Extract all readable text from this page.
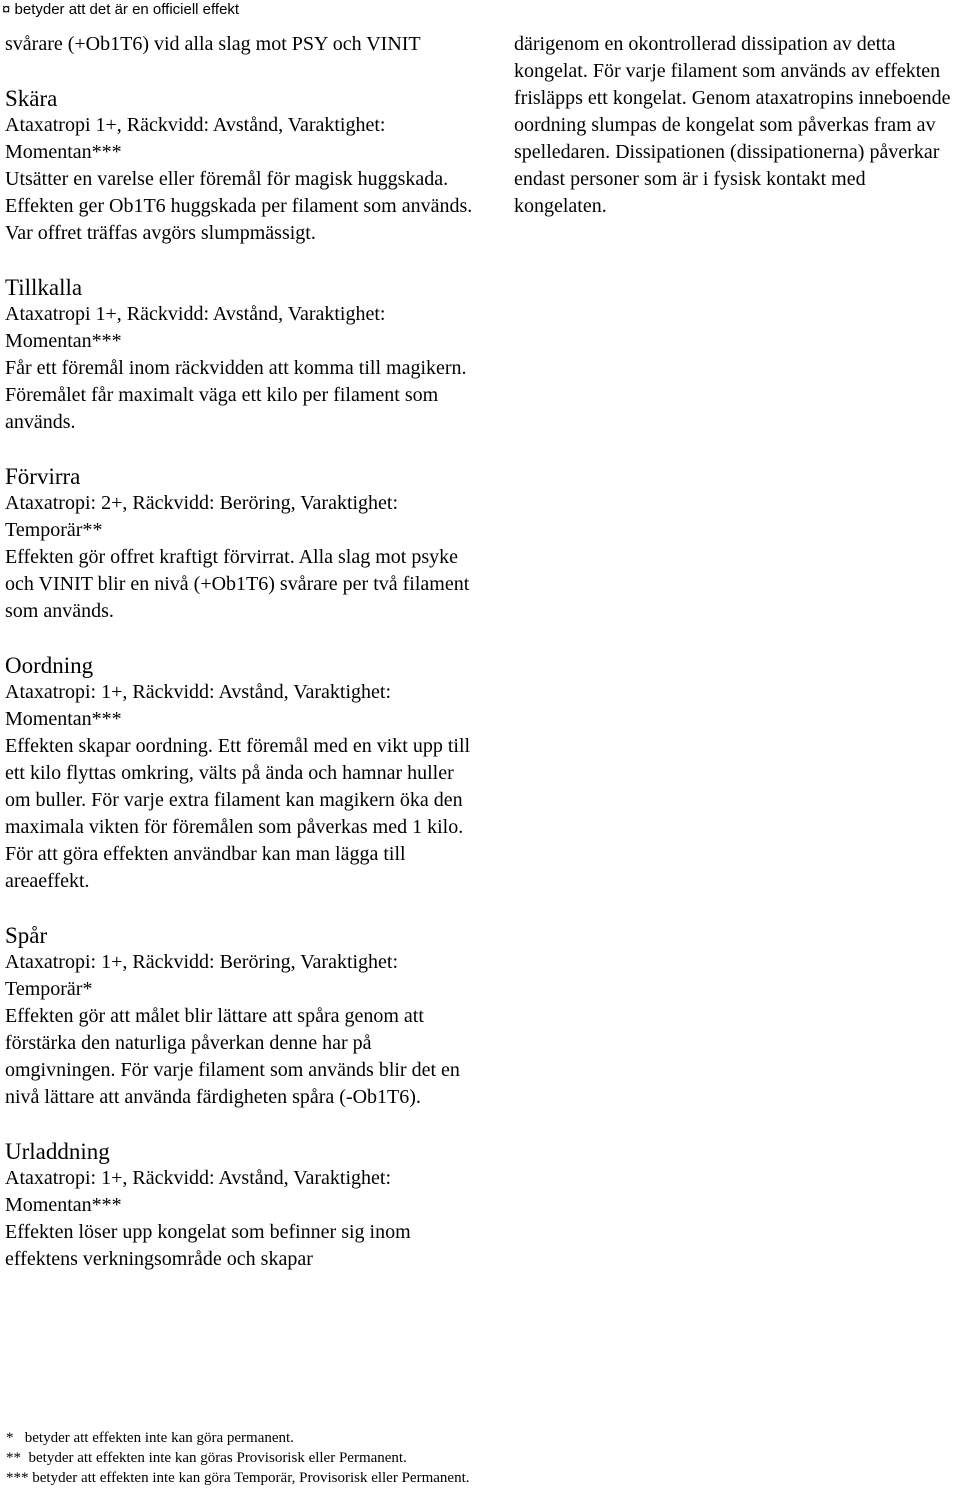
¤ betyder att det är en officiell effekt

svårare (+Ob1T6) vid alla slag mot PSY och VINIT

Skära
Ataxatropi 1+, Räckvidd: Avstånd, Varaktighet: Momentan***
Utsätter en varelse eller föremål för magisk huggskada. Effekten ger Ob1T6 huggskada per filament som används. Var offret träffas avgörs slumpmässigt.
Tillkalla
Ataxatropi 1+, Räckvidd: Avstånd, Varaktighet: Momentan***
Får ett föremål inom räckvidden att komma till magikern. Föremålet får maximalt väga ett kilo per filament som används.
Förvirra
Ataxatropi: 2+, Räckvidd: Beröring, Varaktighet: Temporär**
Effekten gör offret kraftigt förvirrat. Alla slag mot psyke och VINIT blir en nivå (+Ob1T6) svårare per två filament som används.
Oordning
Ataxatropi: 1+, Räckvidd: Avstånd, Varaktighet: Momentan***
Effekten skapar oordning. Ett föremål med en vikt upp till ett kilo flyttas omkring, välts på ända och hamnar huller om buller. För varje extra filament kan magikern öka den maximala vikten för föremålen som påverkas med 1 kilo. För att göra effekten användbar kan man lägga till areaeffekt.
Spår
Ataxatropi: 1+, Räckvidd: Beröring, Varaktighet: Temporär*
Effekten gör att målet blir lättare att spåra genom att förstärka den naturliga påverkan denne har på omgivningen. För varje filament som används blir det en nivå lättare att använda färdigheten spåra (-Ob1T6).
Urladdning
Ataxatropi: 1+, Räckvidd: Avstånd, Varaktighet: Momentan***
Effekten löser upp kongelat som befinner sig inom effektens verkningsområde och skapar

därigenom en okontrollerad dissipation av detta kongelat. För varje filament som används av effekten frisläpps ett kongelat. Genom ataxatropins inneboende oordning slumpas de kongelat som påverkas fram av spelledaren. Dissipationen (dissipationerna) påverkar endast personer som är i fysisk kontakt med kongelaten.

*   betyder att effekten inte kan göra permanent.
**  betyder att effekten inte kan göras Provisorisk eller Permanent.
*** betyder att effekten inte kan göra Temporär, Provisorisk eller Permanent.
